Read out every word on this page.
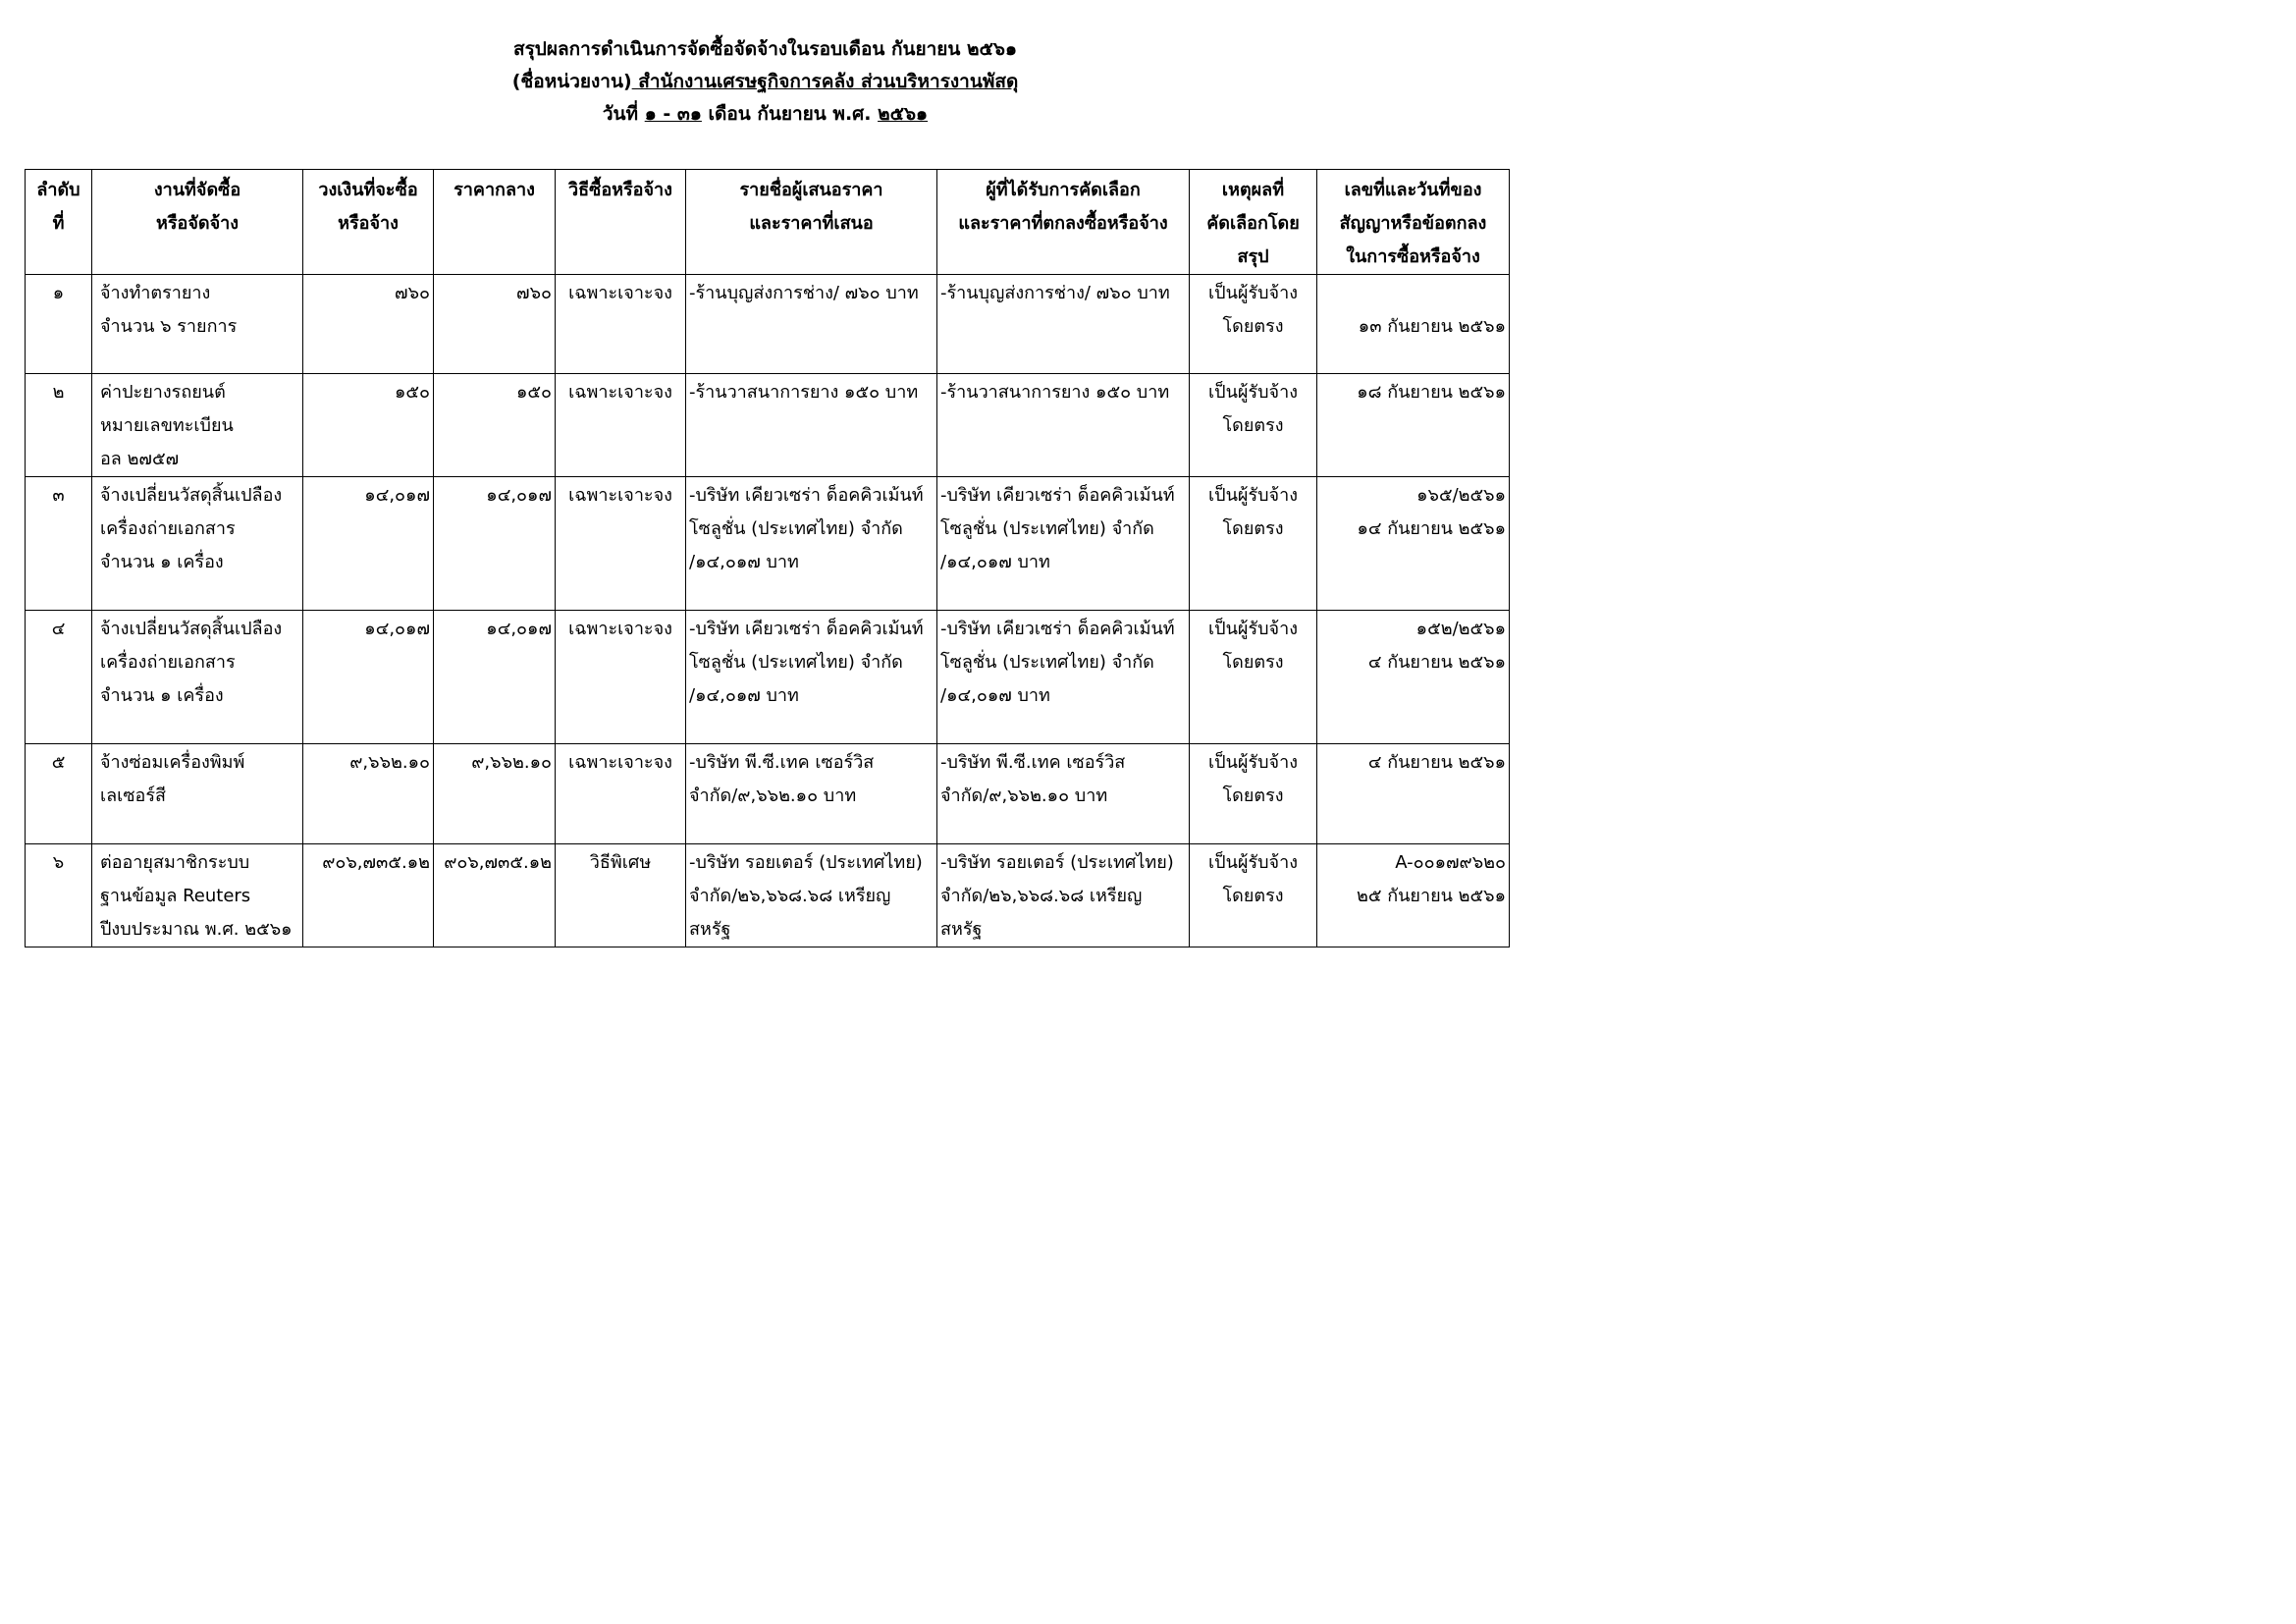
สรุปผลการดำเนินการจัดซื้อจัดจ้างในรอบเดือน กันยายน ๒๕๖๑
(ชื่อหน่วยงาน) สำนักงานเศรษฐกิจการคลัง ส่วนบริหารงานพัสดุ
วันที่ ๑ - ๓๑ เดือน กันยายน พ.ศ. ๒๕๖๑
ลำดับ
ที่	งานที่จัดซื้อ
หรือจัดจ้าง	วงเงินที่จะซื้อ
หรือจ้าง	ราคากลาง	วิธีซื้อหรือจ้าง	รายชื่อผู้เสนอราคา
และราคาที่เสนอ	ผู้ที่ได้รับการคัดเลือก
และราคาที่ตกลงซื้อหรือจ้าง	เหตุผลที่
คัดเลือกโดย
สรุป	เลขที่และวันที่ของ
สัญญาหรือข้อตกลง
ในการซื้อหรือจ้าง

๑	จ้างทำตรายาง
จำนวน ๖ รายการ	๗๖๐	๗๖๐	เฉพาะเจาะจง	-ร้านบุญส่งการช่าง/ ๗๖๐ บาท	-ร้านบุญส่งการช่าง/ ๗๖๐ บาท	เป็นผู้รับจ้าง
โดยตรง	๑๓ กันยายน ๒๕๖๑

๒	ค่าปะยางรถยนต์
หมายเลขทะเบียน
อล ๒๗๕๗	๑๕๐	๑๕๐	เฉพาะเจาะจง	-ร้านวาสนาการยาง ๑๕๐ บาท	-ร้านวาสนาการยาง ๑๕๐ บาท	เป็นผู้รับจ้าง
โดยตรง	๑๘ กันยายน ๒๕๖๑

๓	จ้างเปลี่ยนวัสดุสิ้นเปลือง
เครื่องถ่ายเอกสาร
จำนวน ๑ เครื่อง	๑๔,๐๑๗	๑๔,๐๑๗	เฉพาะเจาะจง	-บริษัท เคียวเซร่า ด็อคคิวเม้นท์
โซลูชั่น (ประเทศไทย) จำกัด
/๑๔,๐๑๗ บาท	-บริษัท เคียวเซร่า ด็อคคิวเม้นท์
โซลูชั่น (ประเทศไทย) จำกัด
/๑๔,๐๑๗ บาท	เป็นผู้รับจ้าง
โดยตรง	๑๖๕/๒๕๖๑
๑๔ กันยายน ๒๕๖๑

๔	จ้างเปลี่ยนวัสดุสิ้นเปลือง
เครื่องถ่ายเอกสาร
จำนวน ๑ เครื่อง	๑๔,๐๑๗	๑๔,๐๑๗	เฉพาะเจาะจง	-บริษัท เคียวเซร่า ด็อคคิวเม้นท์
โซลูชั่น (ประเทศไทย) จำกัด
/๑๔,๐๑๗ บาท	-บริษัท เคียวเซร่า ด็อคคิวเม้นท์
โซลูชั่น (ประเทศไทย) จำกัด
/๑๔,๐๑๗ บาท	เป็นผู้รับจ้าง
โดยตรง	๑๕๒/๒๕๖๑
๔ กันยายน ๒๕๖๑

๕	จ้างซ่อมเครื่องพิมพ์
เลเซอร์สี	๙,๖๖๒.๑๐	๙,๖๖๒.๑๐	เฉพาะเจาะจง	-บริษัท พี.ซี.เทค เซอร์วิส
จำกัด/๙,๖๖๒.๑๐ บาท	-บริษัท พี.ซี.เทค เซอร์วิส
จำกัด/๙,๖๖๒.๑๐ บาท	เป็นผู้รับจ้าง
โดยตรง	๔ กันยายน ๒๕๖๑

๖	ต่ออายุสมาชิกระบบ
ฐานข้อมูล Reuters
ปีงบประมาณ พ.ศ. ๒๕๖๑	๙๐๖,๗๓๕.๑๒	๙๐๖,๗๓๕.๑๒	วิธีพิเศษ	-บริษัท รอยเตอร์ (ประเทศไทย)
จำกัด/๒๖,๖๖๘.๖๘ เหรียญ
สหรัฐ	-บริษัท รอยเตอร์ (ประเทศไทย)
จำกัด/๒๖,๖๖๘.๖๘ เหรียญ
สหรัฐ	เป็นผู้รับจ้าง
โดยตรง	A-๐๐๑๗๙๖๒๐
๒๕ กันยายน ๒๕๖๑
